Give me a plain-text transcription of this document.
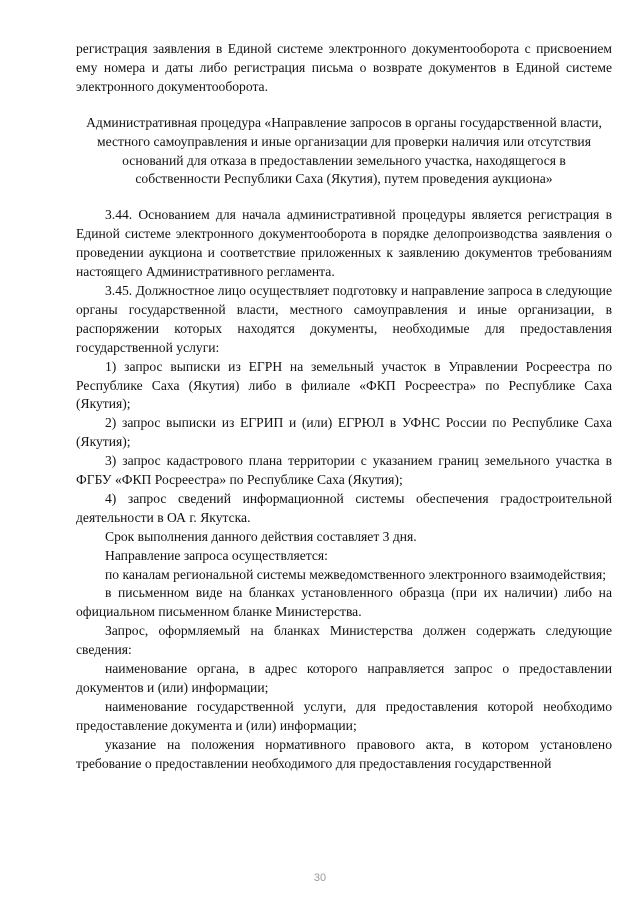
регистрация заявления в Единой системе электронного документооборота с присвоением ему номера и даты либо регистрация письма о возврате документов в Единой системе электронного документооборота.

Административная процедура «Направление запросов в органы государственной власти, местного самоуправления и иные организации для проверки наличия или отсутствия оснований для отказа в предоставлении земельного участка, находящегося в собственности Республики Саха (Якутия), путем проведения аукциона»

3.44. Основанием для начала административной процедуры является регистрация в Единой системе электронного документооборота в порядке делопроизводства заявления о проведении аукциона и соответствие приложенных к заявлению документов требованиям настоящего Административного регламента.

3.45. Должностное лицо осуществляет подготовку и направление запроса в следующие органы государственной власти, местного самоуправления и иные организации, в распоряжении которых находятся документы, необходимые для предоставления государственной услуги:

1) запрос выписки из ЕГРН на земельный участок в Управлении Росреестра по Республике Саха (Якутия) либо в филиале «ФКП Росреестра» по Республике Саха (Якутия);

2) запрос выписки из ЕГРИП и (или) ЕГРЮЛ в УФНС России по Республике Саха (Якутия);

3) запрос кадастрового плана территории с указанием границ земельного участка в ФГБУ «ФКП Росреестра» по Республике Саха (Якутия);

4) запрос сведений информационной системы обеспечения градостроительной деятельности в ОА г. Якутска.

Срок выполнения данного действия составляет 3 дня.

Направление запроса осуществляется:

по каналам региональной системы межведомственного электронного взаимодействия;

в письменном виде на бланках установленного образца (при их наличии) либо на официальном письменном бланке Министерства.

Запрос, оформляемый на бланках Министерства должен содержать следующие сведения:

наименование органа, в адрес которого направляется запрос о предоставлении документов и (или) информации;

наименование государственной услуги, для предоставления которой необходимо предоставление документа и (или) информации;

указание на положения нормативного правового акта, в котором установлено требование о предоставлении необходимого для предоставления государственной

30
